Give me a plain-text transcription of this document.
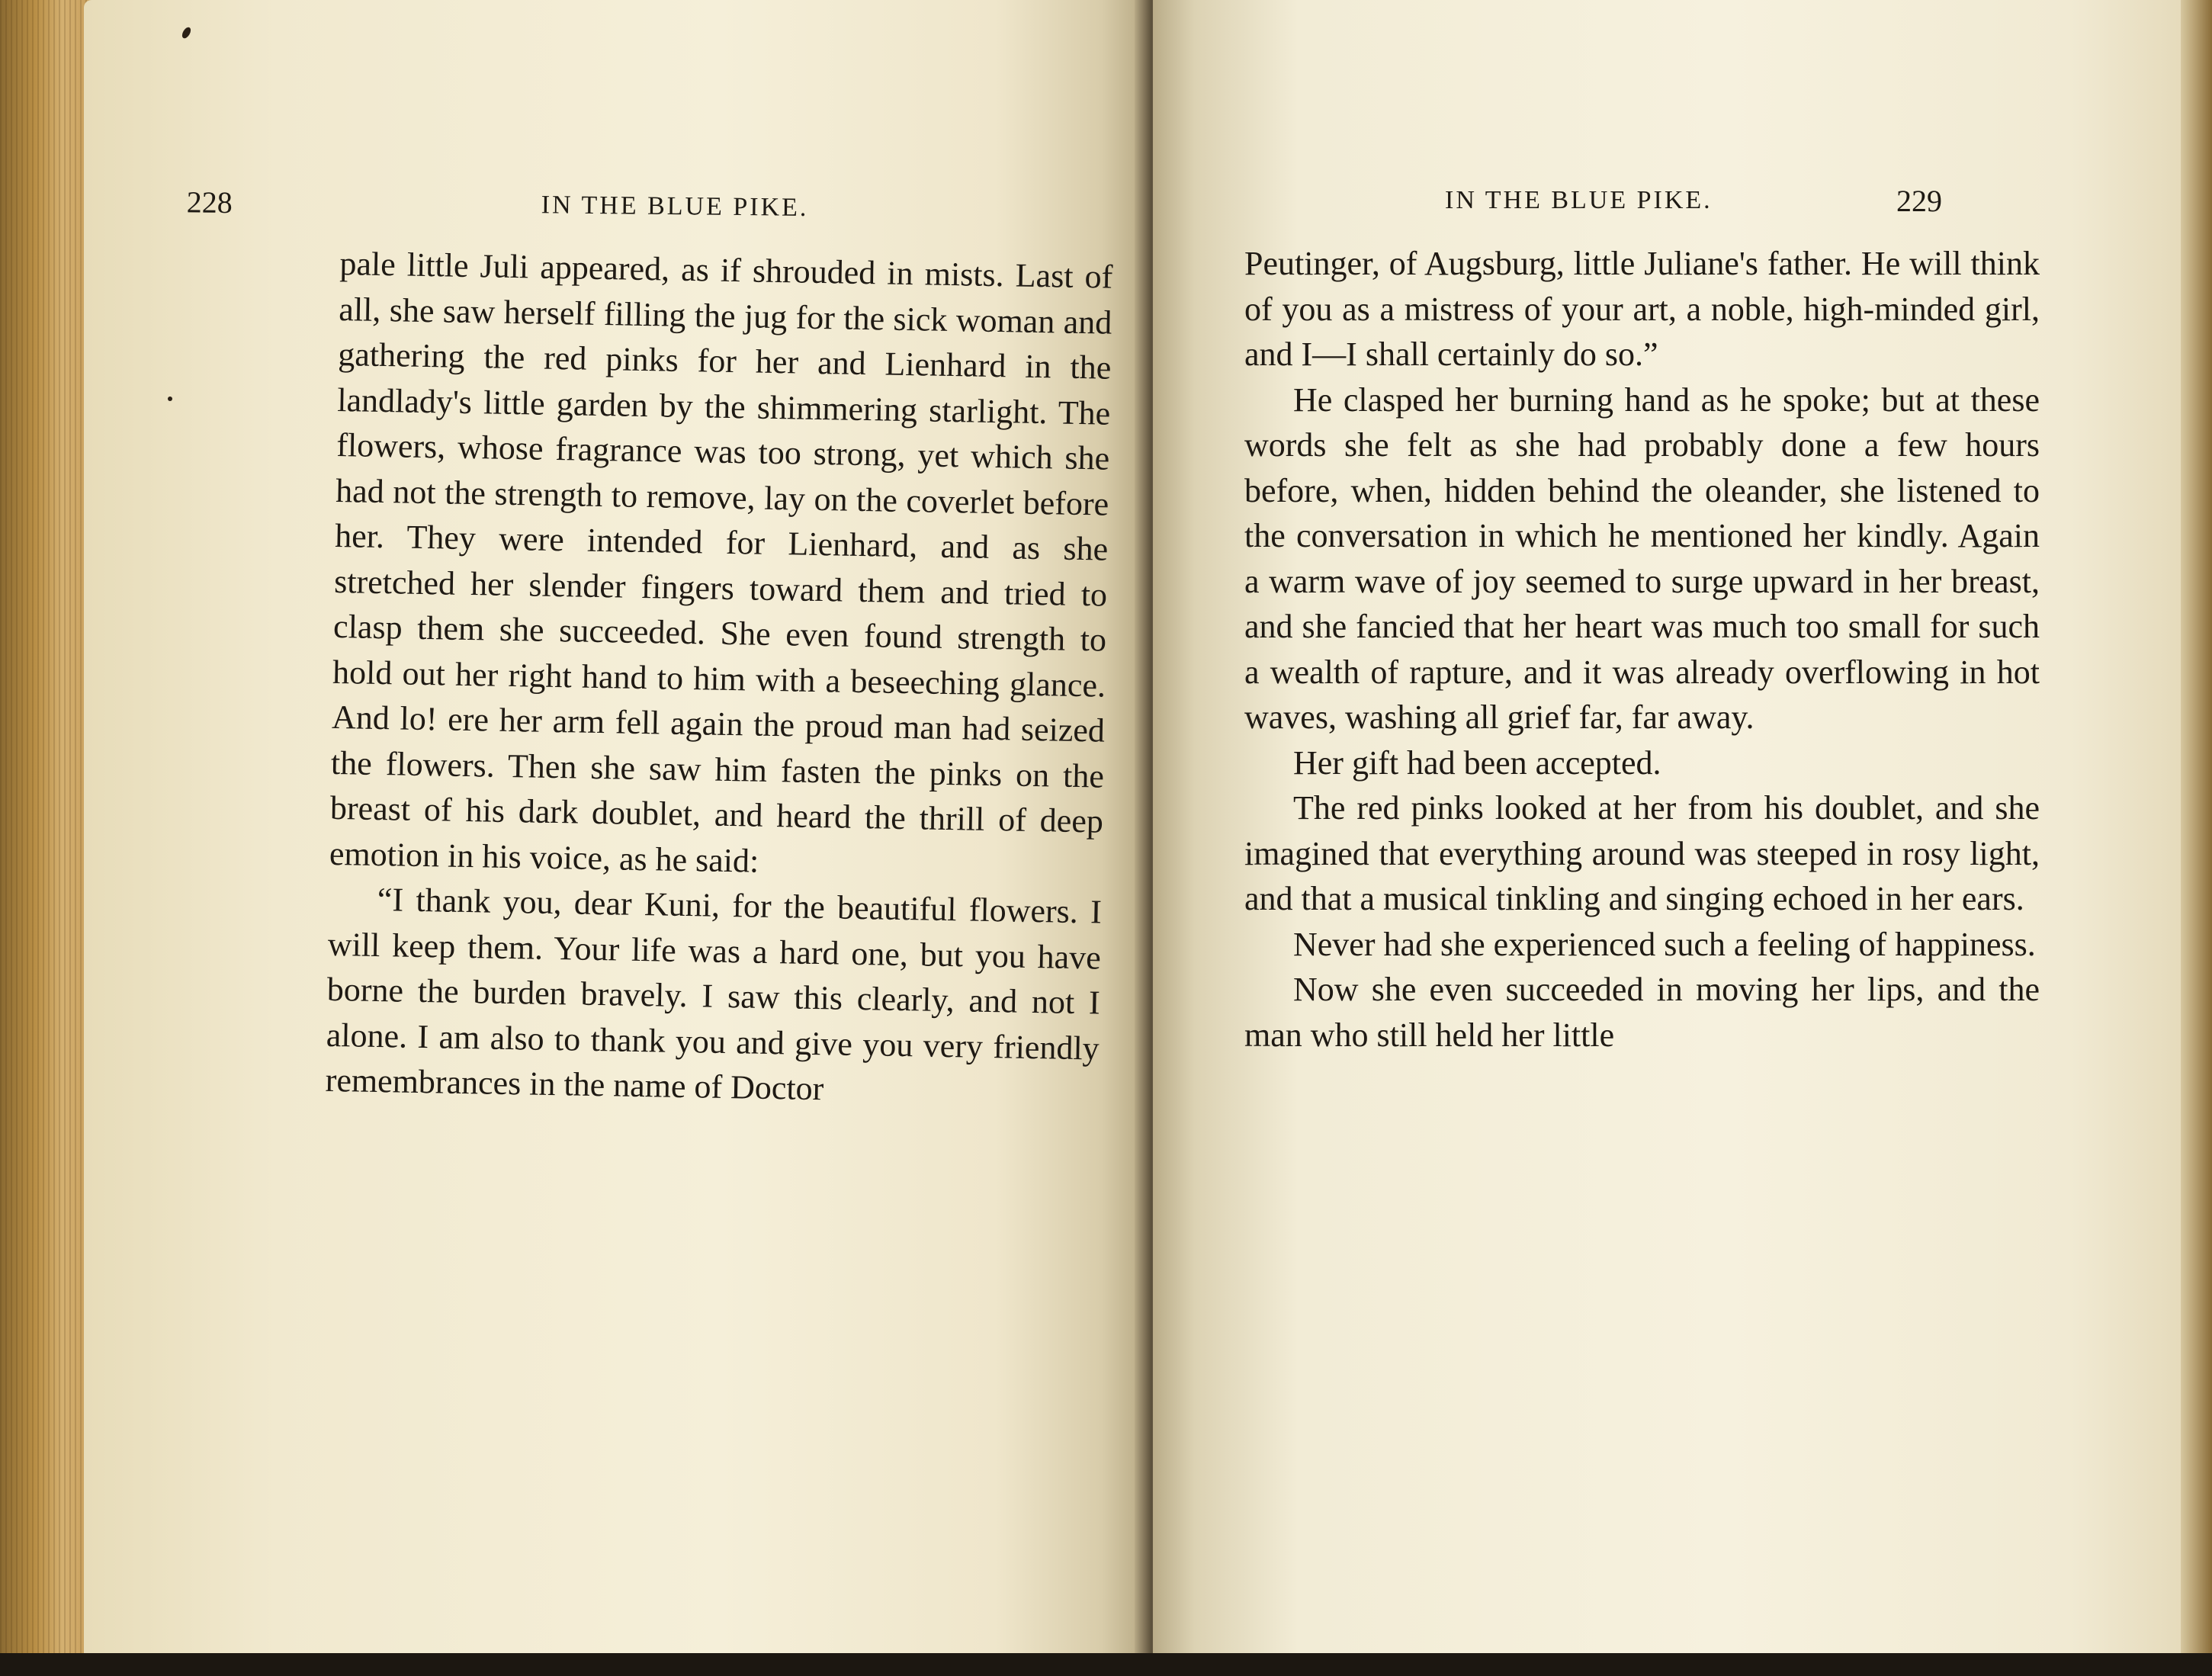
228	IN THE BLUE PIKE.

pale little Juli appeared, as if shrouded in mists. Last of all, she saw herself filling the jug for the sick woman and gathering the red pinks for her and Lienhard in the landlady's little garden by the shimmering starlight. The flowers, whose fragrance was too strong, yet which she had not the strength to remove, lay on the coverlet before her. They were intended for Lienhard, and as she stretched her slender fingers toward them and tried to clasp them she succeeded. She even found strength to hold out her right hand to him with a beseeching glance. And lo! ere her arm fell again the proud man had seized the flowers. Then she saw him fasten the pinks on the breast of his dark doublet, and heard the thrill of deep emotion in his voice, as he said:

“I thank you, dear Kuni, for the beautiful flowers. I will keep them. Your life was a hard one, but you have borne the burden bravely. I saw this clearly, and not I alone. I am also to thank you and give you very friendly remembrances in the name of Doctor

IN THE BLUE PIKE.	229

Peutinger, of Augsburg, little Juliane's father. He will think of you as a mistress of your art, a noble, high-minded girl, and I—I shall certainly do so.”

He clasped her burning hand as he spoke; but at these words she felt as she had probably done a few hours before, when, hidden behind the oleander, she listened to the conversation in which he mentioned her kindly. Again a warm wave of joy seemed to surge upward in her breast, and she fancied that her heart was much too small for such a wealth of rapture, and it was already overflowing in hot waves, washing all grief far, far away.

Her gift had been accepted.

The red pinks looked at her from his doublet, and she imagined that everything around was steeped in rosy light, and that a musical tinkling and singing echoed in her ears.

Never had she experienced such a feeling of happiness.

Now she even succeeded in moving her lips, and the man who still held her little
